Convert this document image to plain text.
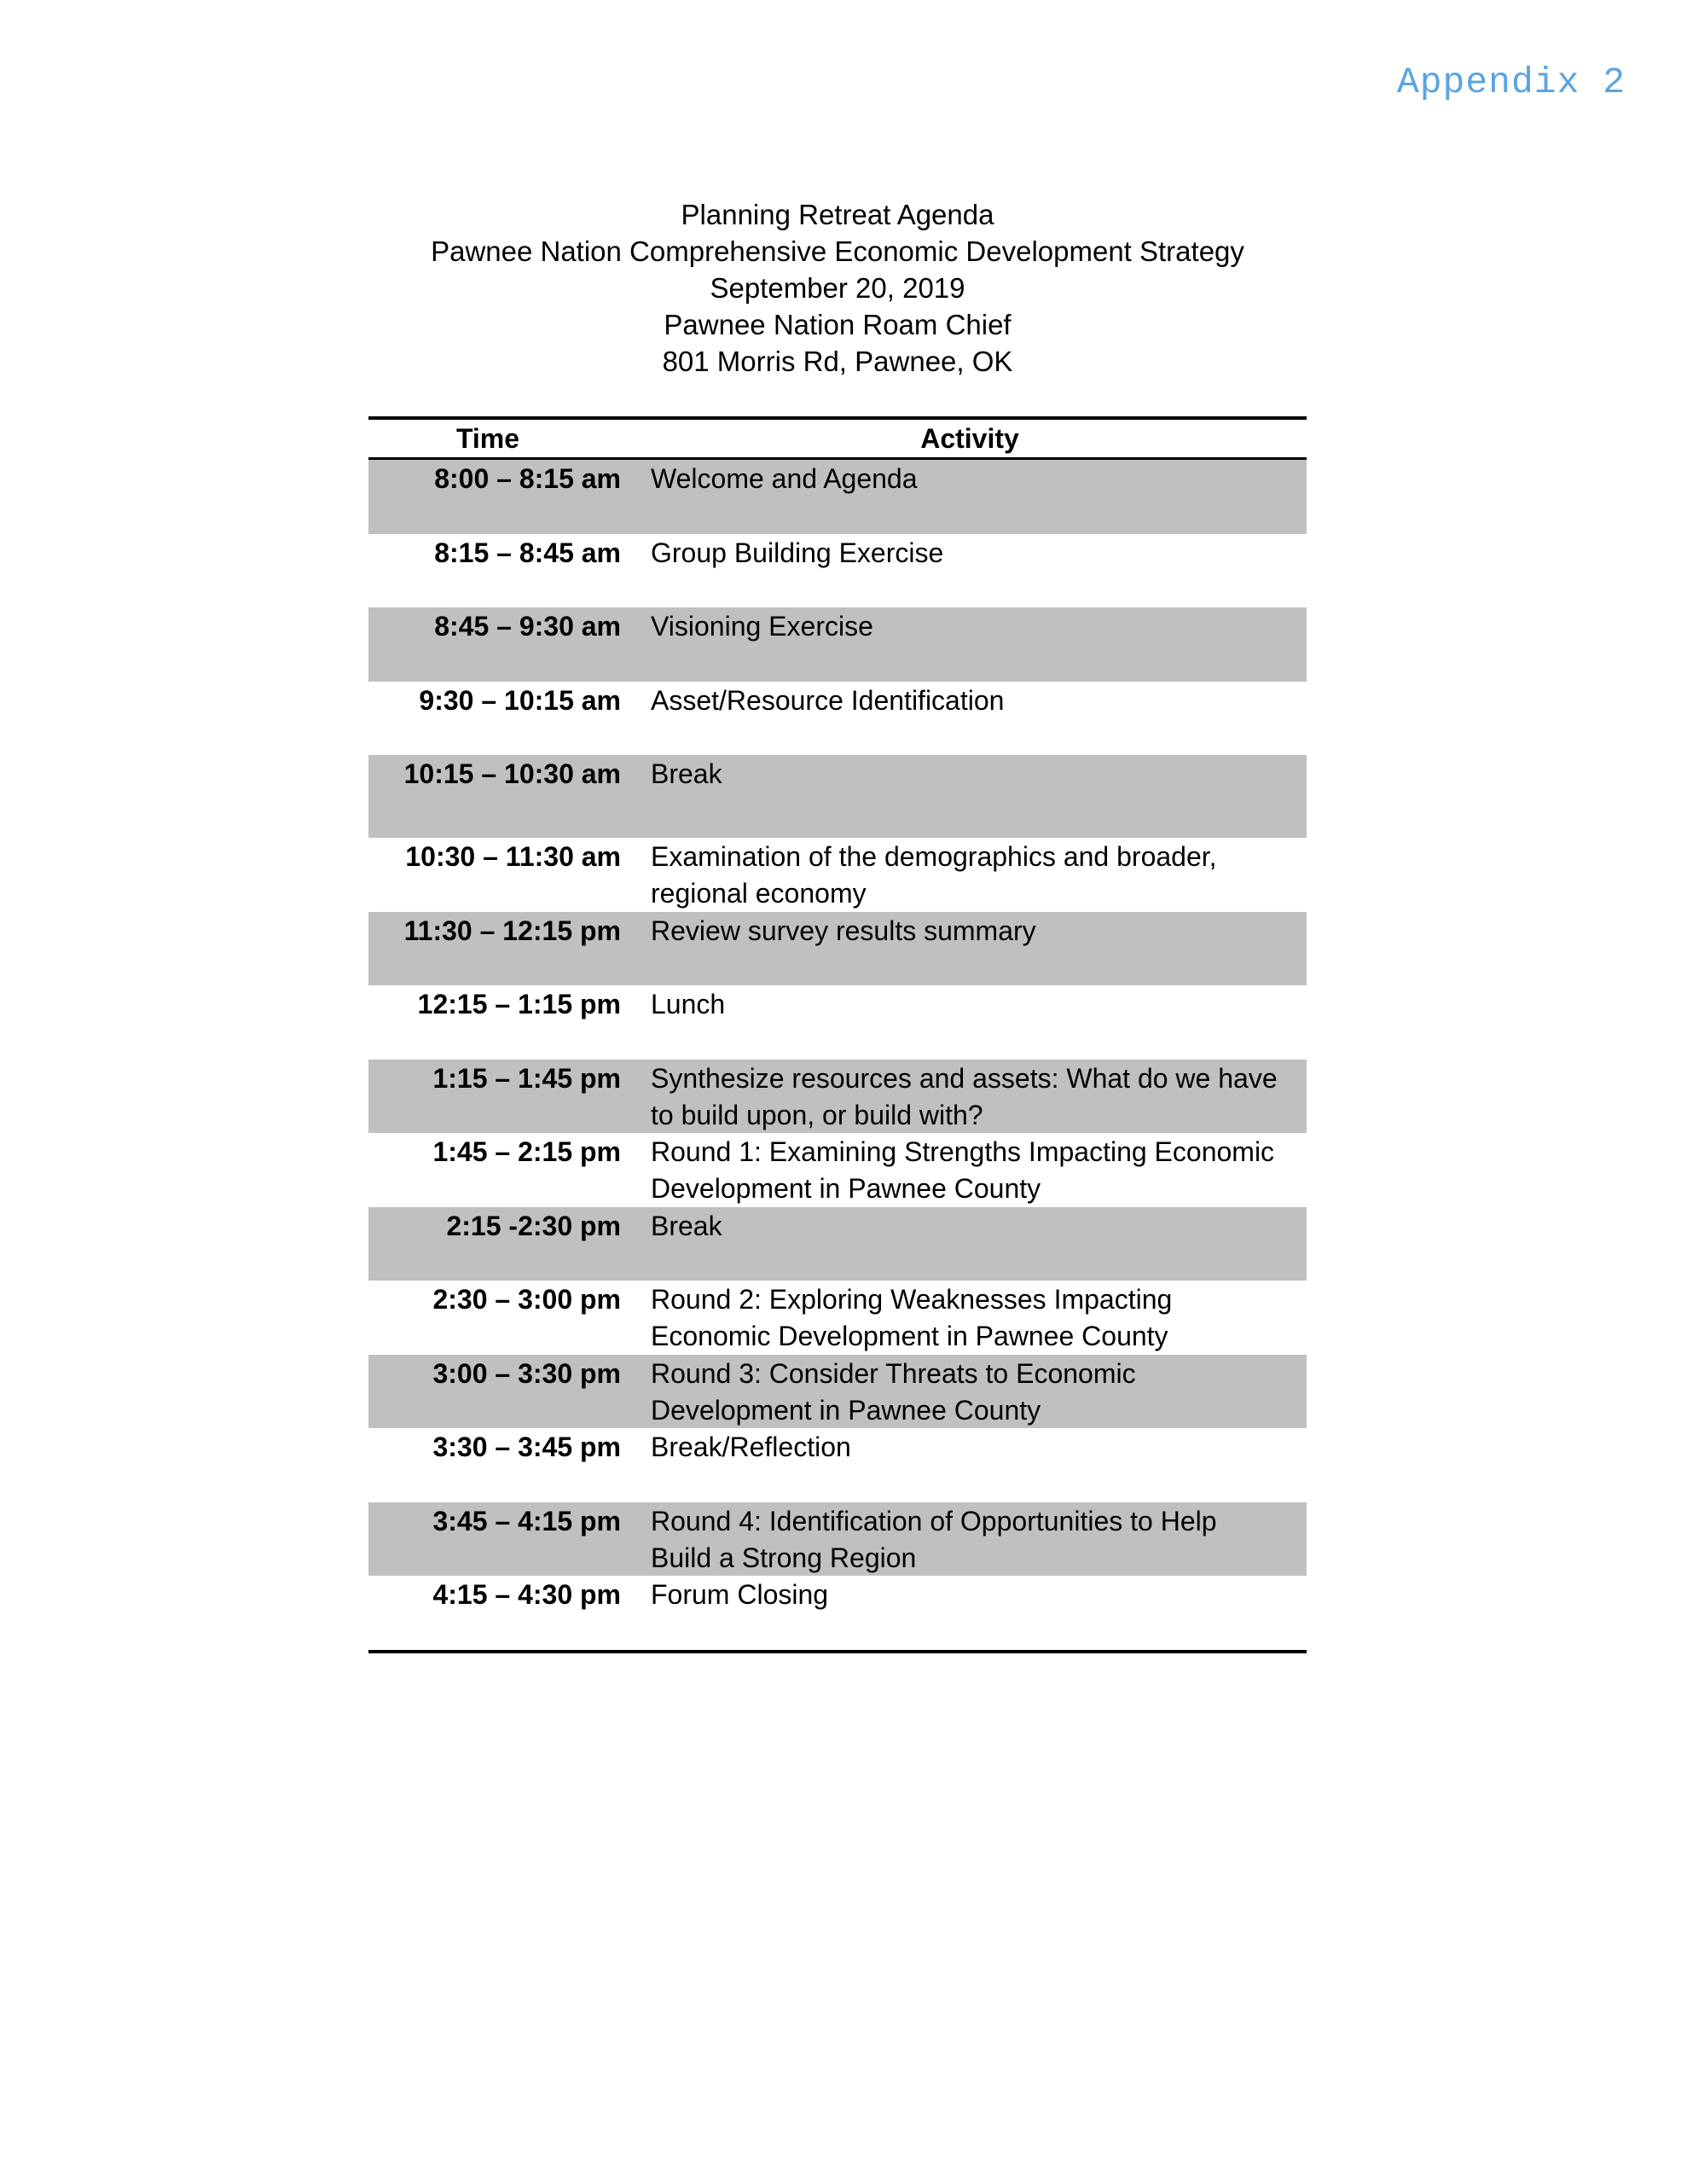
Appendix 2
Planning Retreat Agenda
Pawnee Nation Comprehensive Economic Development Strategy
September 20, 2019
Pawnee Nation Roam Chief
801 Morris Rd, Pawnee, OK
Time	Activity
8:00 – 8:15 am Welcome and Agenda
8:15 – 8:45 am Group Building Exercise
8:45 – 9:30 am Visioning Exercise
9:30 – 10:15 am Asset/Resource Identification
10:15 – 10:30 am Break
10:30 – 11:30 am Examination of the demographics and broader, regional economy
11:30 – 12:15 pm Review survey results summary
12:15 – 1:15 pm Lunch
1:15 – 1:45 pm Synthesize resources and assets: What do we have to build upon, or build with?
1:45 – 2:15 pm Round 1: Examining Strengths Impacting Economic Development in Pawnee County
2:15 -2:30 pm Break
2:30 – 3:00 pm Round 2: Exploring Weaknesses Impacting Economic Development in Pawnee County
3:00 – 3:30 pm Round 3: Consider Threats to Economic Development in Pawnee County
3:30 – 3:45 pm Break/Reflection
3:45 – 4:15 pm Round 4: Identification of Opportunities to Help Build a Strong Region
4:15 – 4:30 pm Forum Closing
